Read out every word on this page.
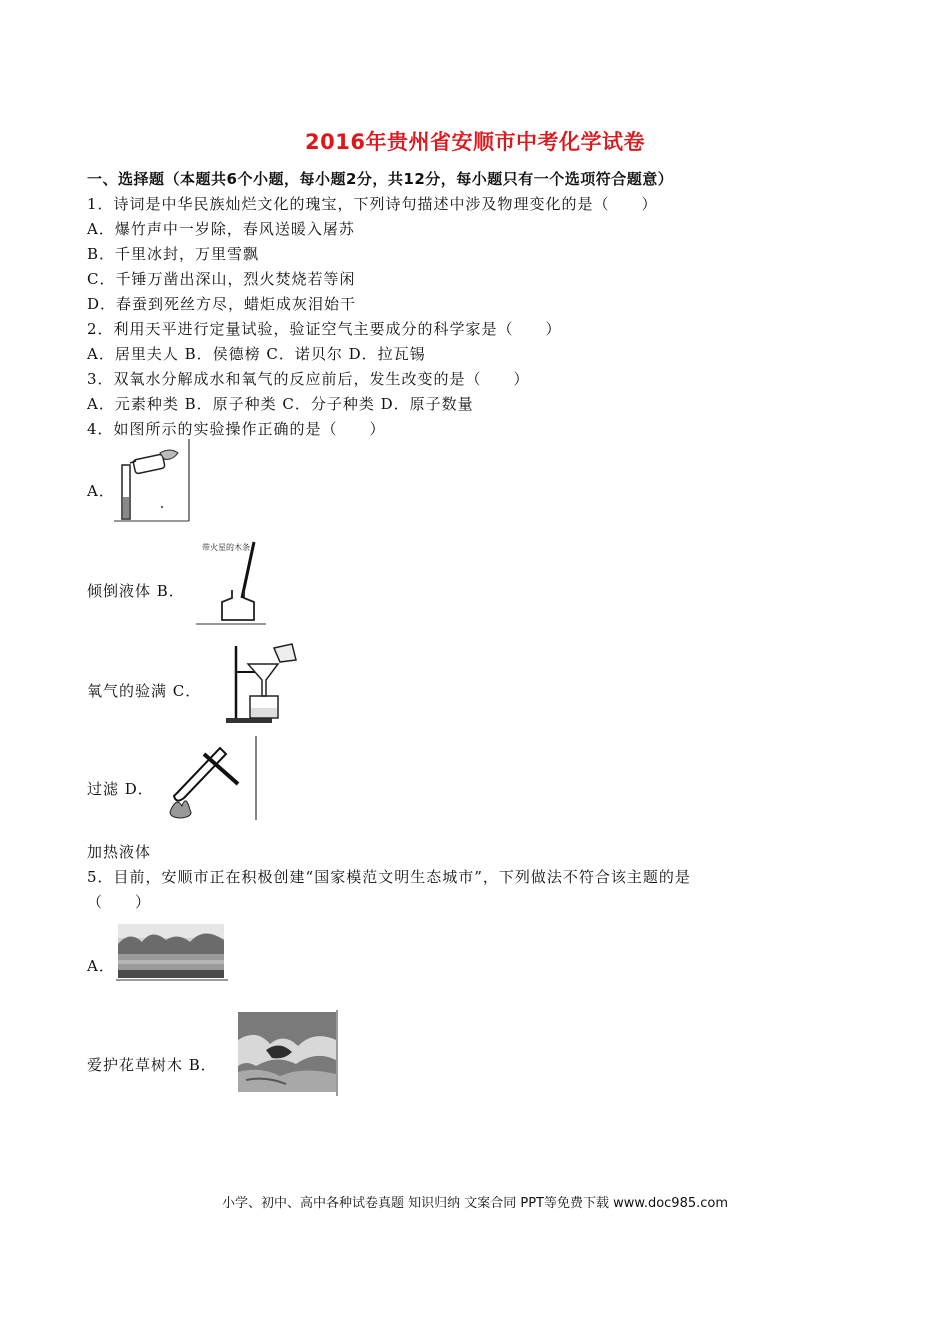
2016年贵州省安顺市中考化学试卷
一、选择题（本题共6个小题，每小题2分，共12分，每小题只有一个选项符合题意）
1．诗词是中华民族灿烂文化的瑰宝，下列诗句描述中涉及物理变化的是（　　）
A．爆竹声中一岁除，春风送暖入屠苏
B．千里冰封，万里雪飘
C．千锤万凿出深山，烈火焚烧若等闲
D．春蚕到死丝方尽，蜡炬成灰泪始干
2．利用天平进行定量试验，验证空气主要成分的科学家是（　　）
A．居里夫人 B．侯德榜 C．诺贝尔 D．拉瓦锡
3．双氧水分解成水和氧气的反应前后，发生改变的是（　　）
A．元素种类 B．原子种类 C．分子种类 D．原子数量
4．如图所示的实验操作正确的是（　　）
A．
倾倒液体 B．
带火星的木条
氧气的验满 C．
过滤 D．
加热液体
5．目前，安顺市正在积极创建“国家模范文明生态城市”，下列做法不符合该主题的是
（　　）
A．
爱护花草树木 B．
小学、初中、高中各种试卷真题 知识归纳 文案合同 PPT等免费下载 www.doc985.com
